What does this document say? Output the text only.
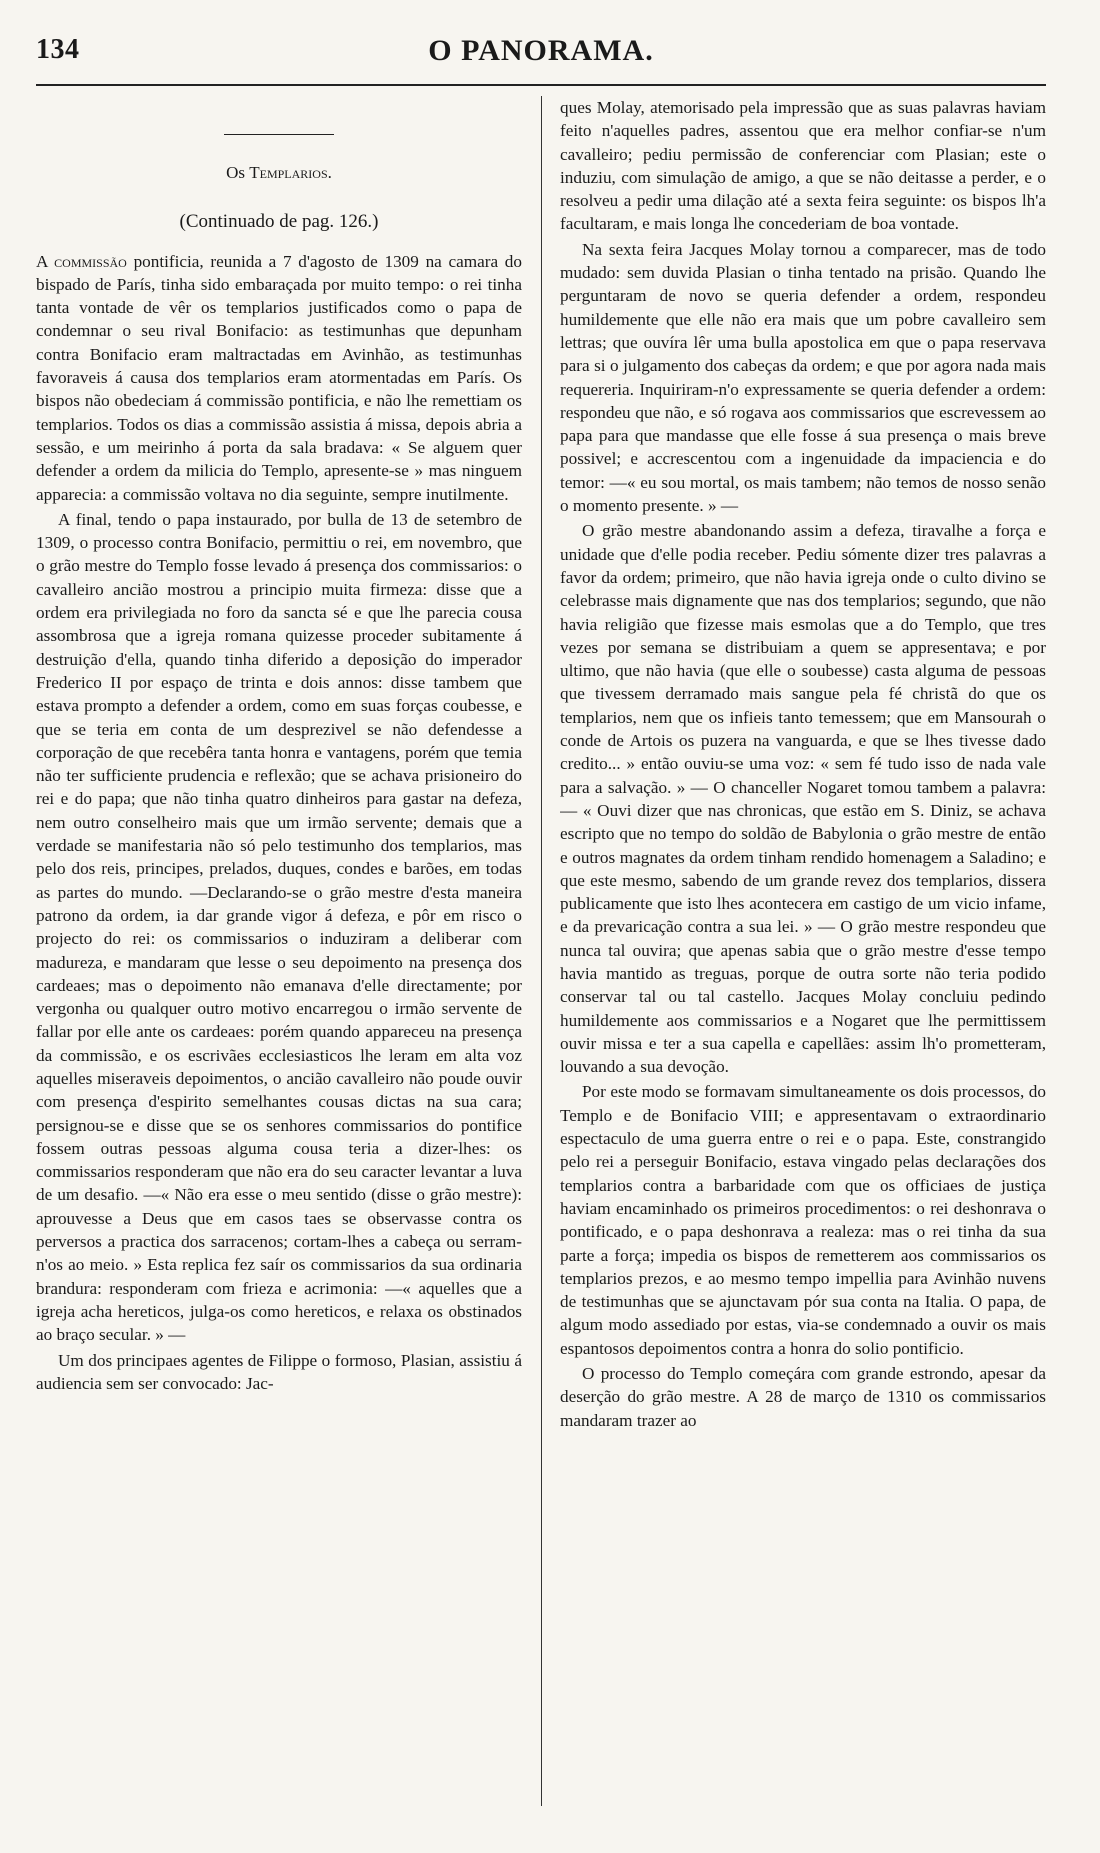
134	O PANORAMA.
Os Templarios.
(Continuado de pag. 126.)

A commissão pontificia, reunida a 7 d'agosto de 1309 na camara do bispado de París, tinha sido embaraçada por muito tempo: o rei tinha tanta vontade de vêr os templarios justificados como o papa de condemnar o seu rival Bonifacio: as testimunhas que depunham contra Bonifacio eram maltractadas em Avinhão, as testimunhas favoraveis á causa dos templarios eram atormentadas em París. Os bispos não obedeciam á commissão pontificia, e não lhe remettiam os templarios. Todos os dias a commissão assistia á missa, depois abria a sessão, e um meirinho á porta da sala bradava: « Se alguem quer defender a ordem da milicia do Templo, apresente-se » mas ninguem apparecia: a commissão voltava no dia seguinte, sempre inutilmente.

A final, tendo o papa instaurado, por bulla de 13 de setembro de 1309, o processo contra Bonifacio, permittiu o rei, em novembro, que o grão mestre do Templo fosse levado á presença dos commissarios: o cavalleiro ancião mostrou a principio muita firmeza: disse que a ordem era privilegiada no foro da sancta sé e que lhe parecia cousa assombrosa que a igreja romana quizesse proceder subitamente á destruição d'ella, quando tinha diferido a deposição do imperador Frederico II por espaço de trinta e dois annos: disse tambem que estava prompto a defender a ordem, como em suas forças coubesse, e que se teria em conta de um desprezivel se não defendesse a corporação de que recebêra tanta honra e vantagens, porém que temia não ter sufficiente prudencia e reflexão; que se achava prisioneiro do rei e do papa; que não tinha quatro dinheiros para gastar na defeza, nem outro conselheiro mais que um irmão servente; demais que a verdade se manifestaria não só pelo testimunho dos templarios, mas pelo dos reis, principes, prelados, duques, condes e barões, em todas as partes do mundo. —Declarando-se o grão mestre d'esta maneira patrono da ordem, ia dar grande vigor á defeza, e pôr em risco o projecto do rei: os commissarios o induziram a deliberar com madureza, e mandaram que lesse o seu depoimento na presença dos cardeaes; mas o depoimento não emanava d'elle directamente; por vergonha ou qualquer outro motivo encarregou o irmão servente de fallar por elle ante os cardeaes: porém quando appareceu na presença da commissão, e os escrivães ecclesiasticos lhe leram em alta voz aquelles miseraveis depoimentos, o ancião cavalleiro não poude ouvir com presença d'espirito semelhantes cousas dictas na sua cara; persignou-se e disse que se os senhores commissarios do pontifice fossem outras pessoas alguma cousa teria a dizer-lhes: os commissarios responderam que não era do seu caracter levantar a luva de um desafio. —« Não era esse o meu sentido (disse o grão mestre): aprouvesse a Deus que em casos taes se observasse contra os perversos a practica dos sarracenos; cortam-lhes a cabeça ou serram-n'os ao meio. » Esta replica fez saír os commissarios da sua ordinaria brandura: responderam com frieza e acrimonia: —« aquelles que a igreja acha hereticos, julga-os como hereticos, e relaxa os obstinados ao braço secular. » —

Um dos principaes agentes de Filippe o formoso, Plasian, assistiu á audiencia sem ser convocado: Jac-

ques Molay, atemorisado pela impressão que as suas palavras haviam feito n'aquelles padres, assentou que era melhor confiar-se n'um cavalleiro; pediu permissão de conferenciar com Plasian; este o induziu, com simulação de amigo, a que se não deitasse a perder, e o resolveu a pedir uma dilação até a sexta feira seguinte: os bispos lh'a facultaram, e mais longa lhe concederiam de boa vontade.

Na sexta feira Jacques Molay tornou a comparecer, mas de todo mudado: sem duvida Plasian o tinha tentado na prisão. Quando lhe perguntaram de novo se queria defender a ordem, respondeu humildemente que elle não era mais que um pobre cavalleiro sem lettras; que ouvíra lêr uma bulla apostolica em que o papa reservava para si o julgamento dos cabeças da ordem; e que por agora nada mais requereria. Inquiriram-n'o expressamente se queria defender a ordem: respondeu que não, e só rogava aos commissarios que escrevessem ao papa para que mandasse que elle fosse á sua presença o mais breve possivel; e accrescentou com a ingenuidade da impaciencia e do temor: —« eu sou mortal, os mais tambem; não temos de nosso senão o momento presente. » —

O grão mestre abandonando assim a defeza, tiravalhe a força e unidade que d'elle podia receber. Pediu sómente dizer tres palavras a favor da ordem; primeiro, que não havia igreja onde o culto divino se celebrasse mais dignamente que nas dos templarios; segundo, que não havia religião que fizesse mais esmolas que a do Templo, que tres vezes por semana se distribuiam a quem se appresentava; e por ultimo, que não havia (que elle o soubesse) casta alguma de pessoas que tivessem derramado mais sangue pela fé christã do que os templarios, nem que os infieis tanto temessem; que em Mansourah o conde de Artois os puzera na vanguarda, e que se lhes tivesse dado credito... » então ouviu-se uma voz: « sem fé tudo isso de nada vale para a salvação. » — O chanceller Nogaret tomou tambem a palavra: — « Ouvi dizer que nas chronicas, que estão em S. Diniz, se achava escripto que no tempo do soldão de Babylonia o grão mestre de então e outros magnates da ordem tinham rendido homenagem a Saladino; e que este mesmo, sabendo de um grande revez dos templarios, dissera publicamente que isto lhes acontecera em castigo de um vicio infame, e da prevaricação contra a sua lei. » — O grão mestre respondeu que nunca tal ouvira; que apenas sabia que o grão mestre d'esse tempo havia mantido as treguas, porque de outra sorte não teria podido conservar tal ou tal castello. Jacques Molay concluiu pedindo humildemente aos commissarios e a Nogaret que lhe permittissem ouvir missa e ter a sua capella e capellães: assim lh'o prometteram, louvando a sua devoção.

Por este modo se formavam simultaneamente os dois processos, do Templo e de Bonifacio VIII; e appresentavam o extraordinario espectaculo de uma guerra entre o rei e o papa. Este, constrangido pelo rei a perseguir Bonifacio, estava vingado pelas declarações dos templarios contra a barbaridade com que os officiaes de justiça haviam encaminhado os primeiros procedimentos: o rei deshonrava o pontificado, e o papa deshonrava a realeza: mas o rei tinha da sua parte a força; impedia os bispos de remetterem aos commissarios os templarios prezos, e ao mesmo tempo impellia para Avinhão nuvens de testimunhas que se ajunctavam pór sua conta na Italia. O papa, de algum modo assediado por estas, via-se condemnado a ouvir os mais espantosos depoimentos contra a honra do solio pontificio.

O processo do Templo começára com grande estrondo, apesar da deserção do grão mestre. A 28 de março de 1310 os commissarios mandaram trazer ao
